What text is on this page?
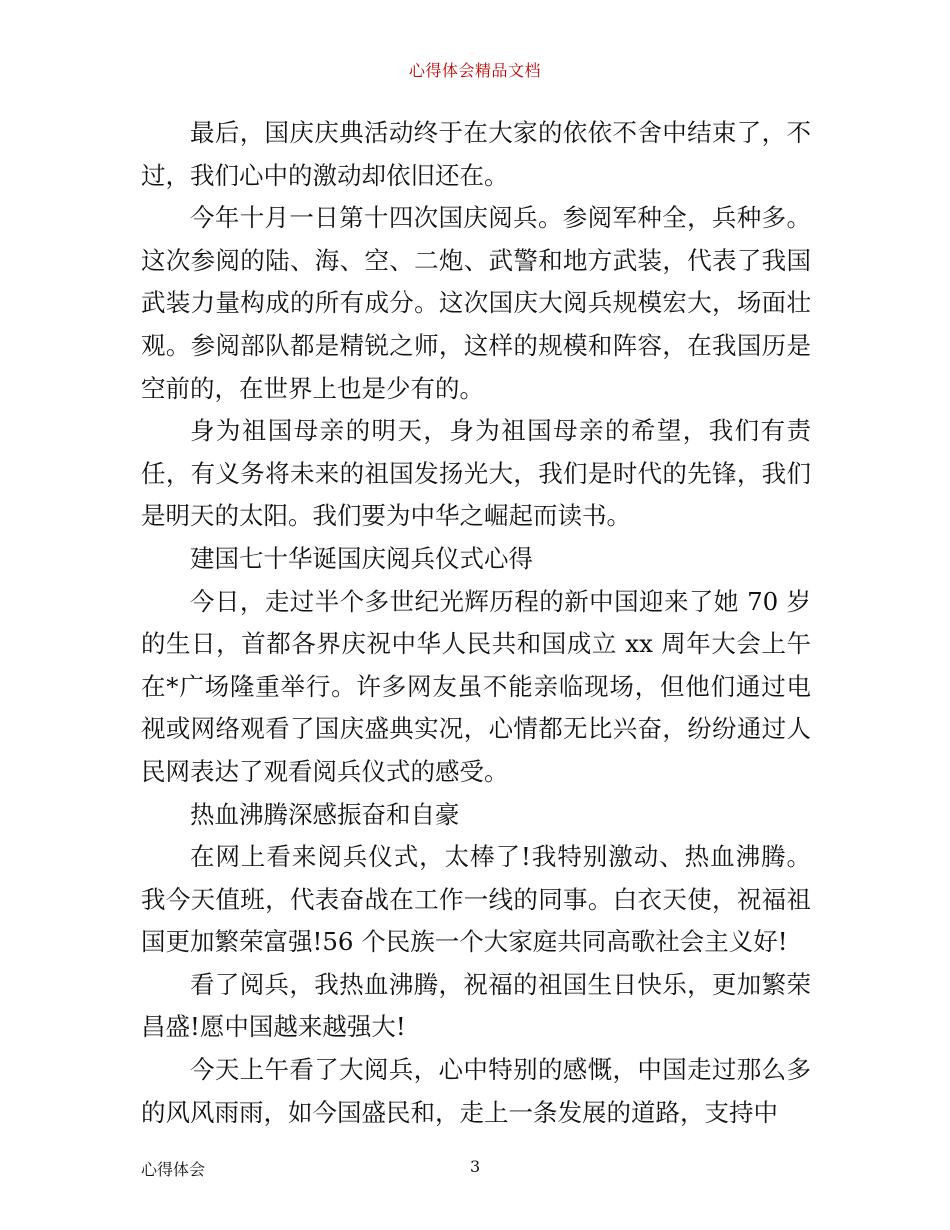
心得体会精品文档

最后，国庆庆典活动终于在大家的依依不舍中结束了，不过，我们心中的激动却依旧还在。

今年十月一日第十四次国庆阅兵。参阅军种全，兵种多。这次参阅的陆、海、空、二炮、武警和地方武装，代表了我国武装力量构成的所有成分。这次国庆大阅兵规模宏大，场面壮观。参阅部队都是精锐之师，这样的规模和阵容，在我国历是空前的，在世界上也是少有的。

身为祖国母亲的明天，身为祖国母亲的希望，我们有责任，有义务将未来的祖国发扬光大，我们是时代的先锋，我们是明天的太阳。我们要为中华之崛起而读书。

建国七十华诞国庆阅兵仪式心得

今日，走过半个多世纪光辉历程的新中国迎来了她 70 岁的生日，首都各界庆祝中华人民共和国成立 xx 周年大会上午在*广场隆重举行。许多网友虽不能亲临现场，但他们通过电视或网络观看了国庆盛典实况，心情都无比兴奋，纷纷通过人民网表达了观看阅兵仪式的感受。

热血沸腾深感振奋和自豪

在网上看来阅兵仪式，太棒了!我特别激动、热血沸腾。我今天值班，代表奋战在工作一线的同事。白衣天使，祝福祖国更加繁荣富强!56 个民族一个大家庭共同高歌社会主义好!

看了阅兵，我热血沸腾，祝福的祖国生日快乐，更加繁荣昌盛!愿中国越来越强大!

今天上午看了大阅兵，心中特别的感慨，中国走过那么多的风风雨雨，如今国盛民和，走上一条发展的道路，支持中

心得体会	3
